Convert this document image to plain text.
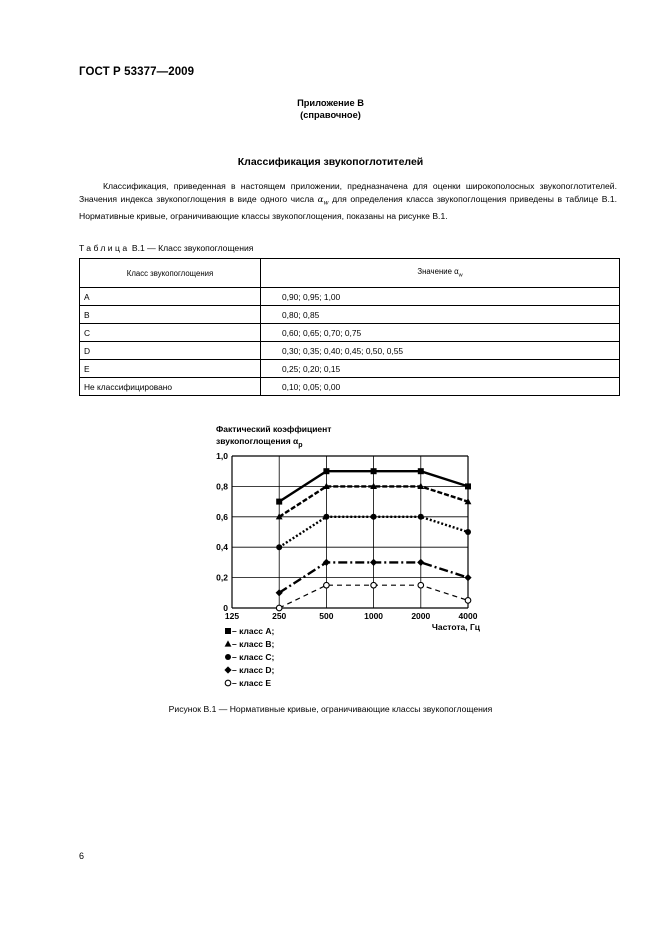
ГОСТ Р 53377—2009
Приложение В
(справочное)
Классификация звукопоглотителей

Классификация, приведенная в настоящем приложении, предназначена для оценки широкополосных звукопоглотителей. Значения индекса звукопоглощения в виде одного числа $\alpha_w$ для определения класса звукопоглощения приведены в таблице В.1. Нормативные кривые, ограничивающие классы звукопоглощения, показаны на рисунке В.1.

Таблица В.1 — Класс звукопоглощения
Класс звукопоглощения	Значение $\alpha_w$
А	0,90; 0,95; 1,00
В	0,80; 0,85
С	0,60; 0,65; 0,70; 0,75
D	0,30; 0,35; 0,40; 0,45; 0,50, 0,55
Е	0,25; 0,20; 0,15
Не классифицировано	0,10; 0,05; 0,00
Фактический коэффициент
звукопоглощения $\alpha_p$
0
0,2
0,4
0,6
0,8
1,0
125	250	500	1000	2000	4000
Частота, Гц
– класс A;
– класс B;
– класс C;
– класс D;
– класс E
Рисунок В.1 — Нормативные кривые, ограничивающие классы звукопоглощения
6
